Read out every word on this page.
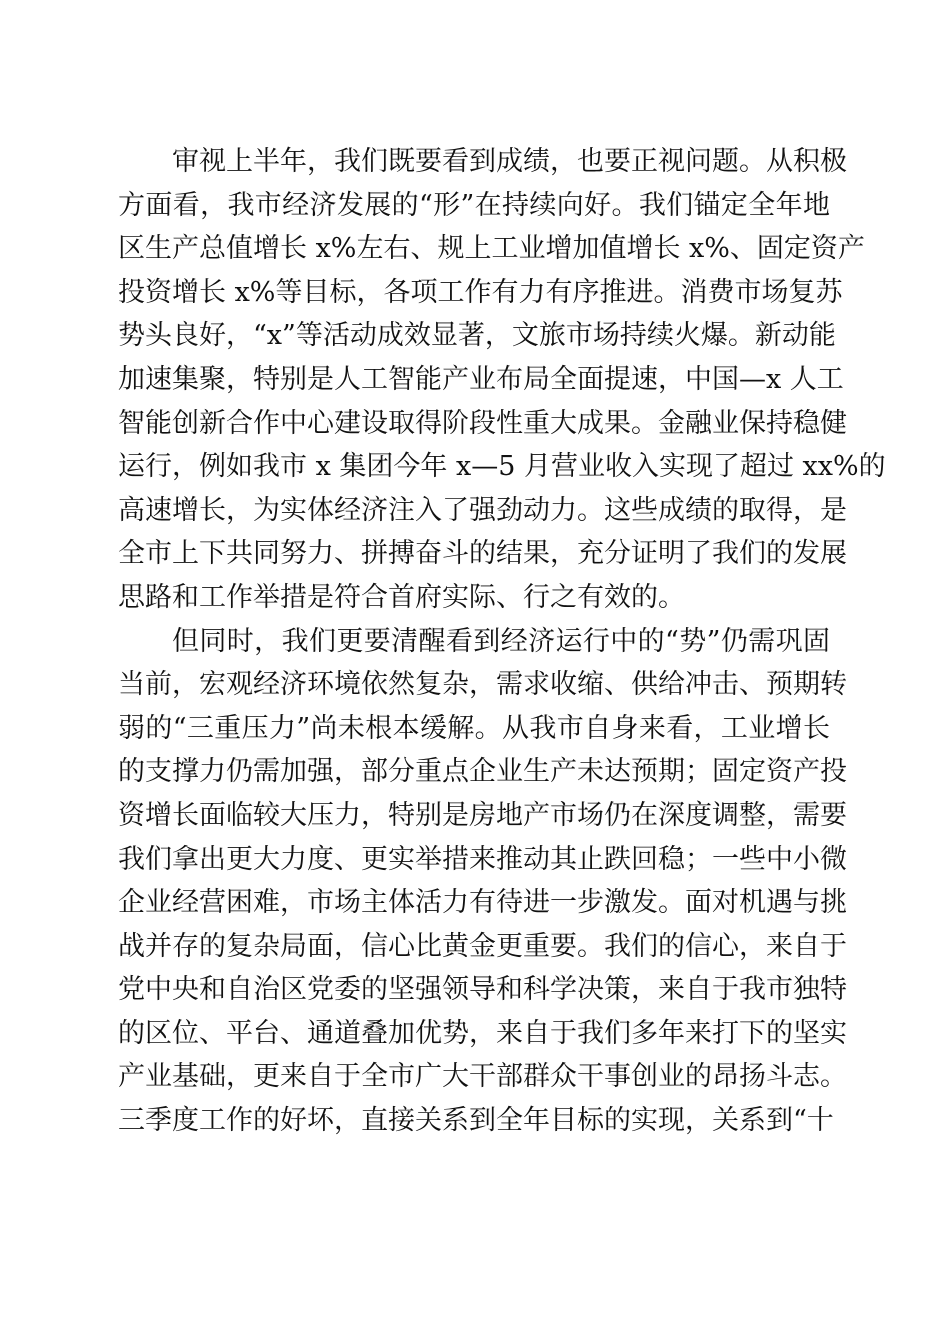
审视上半年，我们既要看到成绩，也要正视问题。从积极
方面看，我市经济发展的“形”在持续向好。我们锚定全年地
区生产总值增长 x%左右、规上工业增加值增长 x%、固定资产
投资增长 x%等目标，各项工作有力有序推进。消费市场复苏
势头良好，“x”等活动成效显著，文旅市场持续火爆。新动能
加速集聚，特别是人工智能产业布局全面提速，中国—x 人工
智能创新合作中心建设取得阶段性重大成果。金融业保持稳健
运行，例如我市 x 集团今年 x—5 月营业收入实现了超过 xx%的
高速增长，为实体经济注入了强劲动力。这些成绩的取得，是
全市上下共同努力、拼搏奋斗的结果，充分证明了我们的发展
思路和工作举措是符合首府实际、行之有效的。
但同时，我们更要清醒看到经济运行中的“势”仍需巩固
当前，宏观经济环境依然复杂，需求收缩、供给冲击、预期转
弱的“三重压力”尚未根本缓解。从我市自身来看，工业增长
的支撑力仍需加强，部分重点企业生产未达预期；固定资产投
资增长面临较大压力，特别是房地产市场仍在深度调整，需要
我们拿出更大力度、更实举措来推动其止跌回稳；一些中小微
企业经营困难，市场主体活力有待进一步激发。面对机遇与挑
战并存的复杂局面，信心比黄金更重要。我们的信心，来自于
党中央和自治区党委的坚强领导和科学决策，来自于我市独特
的区位、平台、通道叠加优势，来自于我们多年来打下的坚实
产业基础，更来自于全市广大干部群众干事创业的昂扬斗志。
三季度工作的好坏，直接关系到全年目标的实现，关系到“十
